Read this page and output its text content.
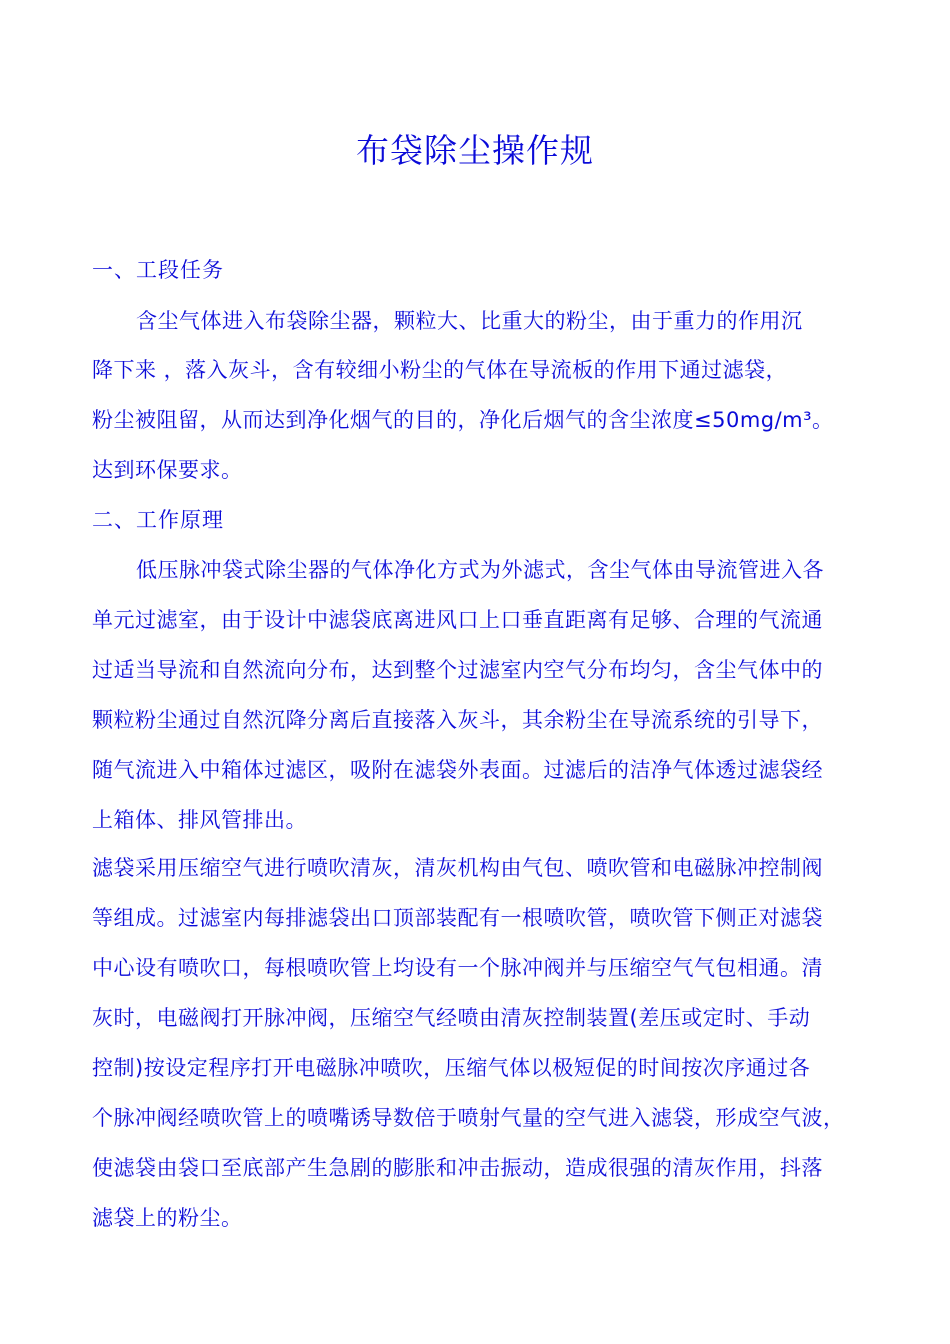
布袋除尘操作规

一、工段任务

含尘气体进入布袋除尘器，颗粒大、比重大的粉尘，由于重力的作用沉

降下来 ，落入灰斗，含有较细小粉尘的气体在导流板的作用下通过滤袋，

粉尘被阻留，从而达到净化烟气的目的，净化后烟气的含尘浓度≤50mg/m³。

达到环保要求。

二、工作原理

低压脉冲袋式除尘器的气体净化方式为外滤式，含尘气体由导流管进入各

单元过滤室，由于设计中滤袋底离进风口上口垂直距离有足够、合理的气流通

过适当导流和自然流向分布，达到整个过滤室内空气分布均匀，含尘气体中的

颗粒粉尘通过自然沉降分离后直接落入灰斗，其余粉尘在导流系统的引导下，

随气流进入中箱体过滤区，吸附在滤袋外表面。过滤后的洁净气体透过滤袋经

上箱体、排风管排出。

滤袋采用压缩空气进行喷吹清灰，清灰机构由气包、喷吹管和电磁脉冲控制阀

等组成。过滤室内每排滤袋出口顶部装配有一根喷吹管，喷吹管下侧正对滤袋

中心设有喷吹口，每根喷吹管上均设有一个脉冲阀并与压缩空气气包相通。清

灰时，电磁阀打开脉冲阀，压缩空气经喷由清灰控制装置(差压或定时、手动

控制)按设定程序打开电磁脉冲喷吹，压缩气体以极短促的时间按次序通过各

个脉冲阀经喷吹管上的喷嘴诱导数倍于喷射气量的空气进入滤袋，形成空气波，

使滤袋由袋口至底部产生急剧的膨胀和冲击振动，造成很强的清灰作用，抖落

滤袋上的粉尘。
